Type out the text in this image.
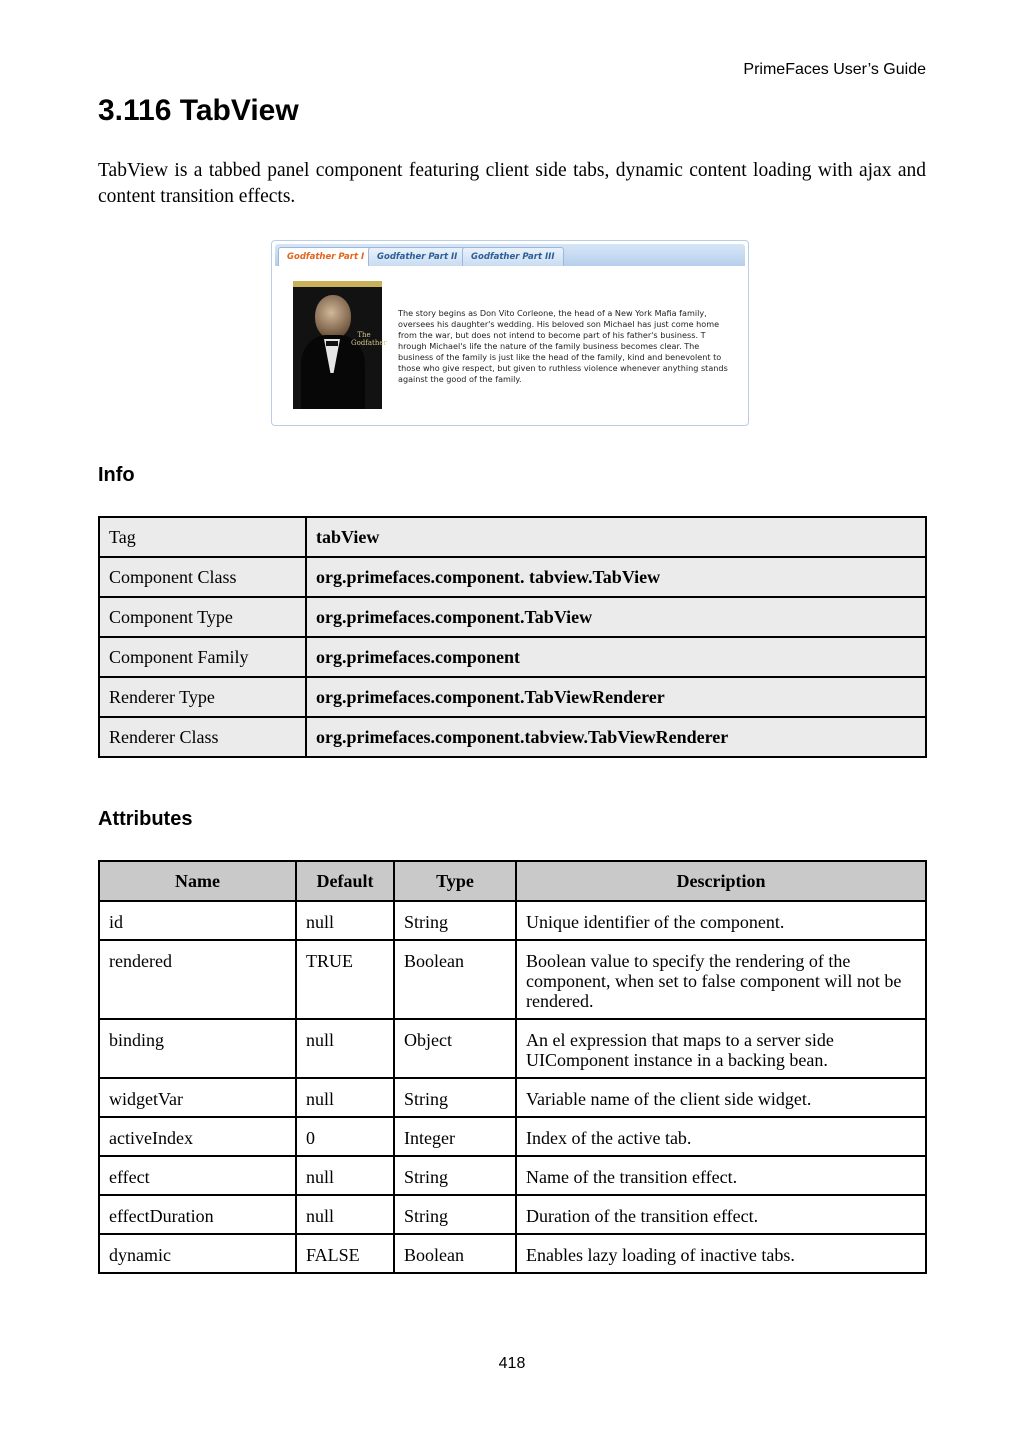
PrimeFaces User’s Guide
3.116 TabView

TabView is a tabbed panel component featuring client side tabs, dynamic content loading with ajax and content transition effects.

Godfather Part I	Godfather Part II	Godfather Part III
The Godfather

The story begins as Don Vito Corleone, the head of a New York Mafia family, oversees his daughter's wedding. His beloved son Michael has just come home from the war, but does not intend to become part of his father's business. T hrough Michael's life the nature of the family business becomes clear. The business of the family is just like the head of the family, kind and benevolent to those who give respect, but given to ruthless violence whenever anything stands against the good of the family.

Info
Tag	tabView
Component Class	org.primefaces.component. tabview.TabView
Component Type	org.primefaces.component.TabView
Component Family	org.primefaces.component
Renderer Type	org.primefaces.component.TabViewRenderer
Renderer Class	org.primefaces.component.tabview.TabViewRenderer
Attributes
Name	Default	Type	Description
id	null	String	Unique identifier of the component.
rendered	TRUE	Boolean	Boolean value to specify the rendering of the component, when set to false component will not be rendered.
binding	null	Object	An el expression that maps to a server side UIComponent instance in a backing bean.
widgetVar	null	String	Variable name of the client side widget.
activeIndex	0	Integer	Index of the active tab.
effect	null	String	Name of the transition effect.
effectDuration	null	String	Duration of the transition effect.
dynamic	FALSE	Boolean	Enables lazy loading of inactive tabs.
418
